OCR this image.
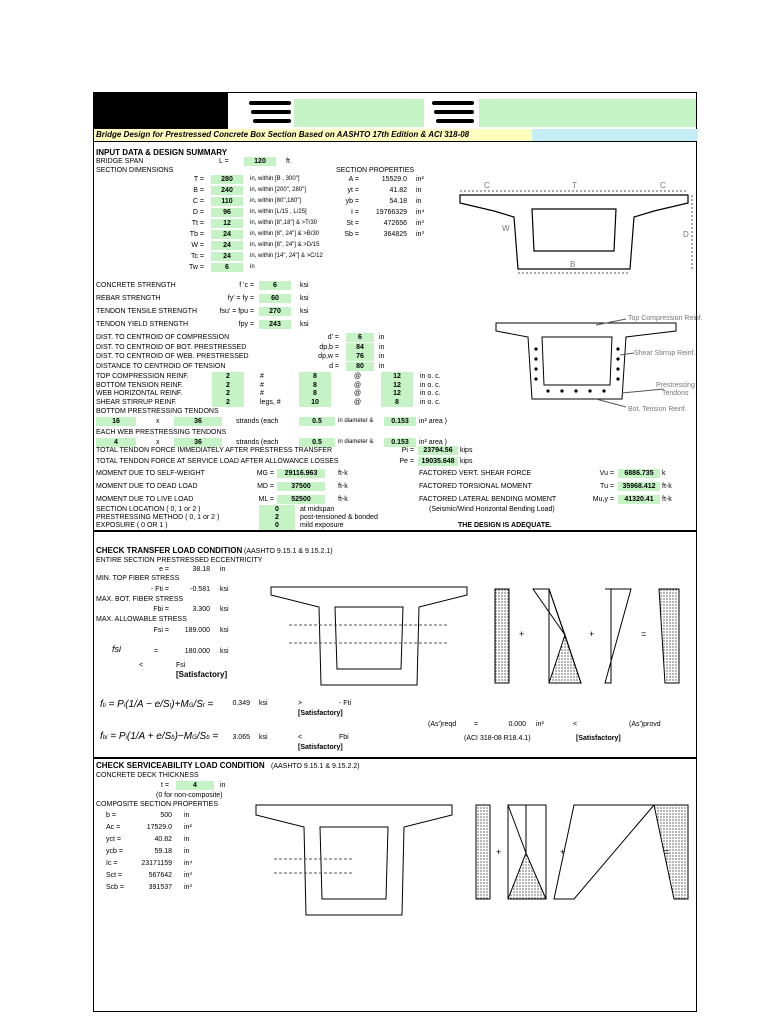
Bridge Design for Prestressed Concrete Box Section Based on AASHTO 17th Edition & ACI 318-08
INPUT DATA & DESIGN SUMMARY
BRIDGE SPAN	L =	120	ft
SECTION DIMENSIONS
T =	280	in, within [B , 300"]
B =	240	in, within [200", 280"]
C =	110	in, within [80",180"]
D =	96	in, within [L/15 , L/25]
Tt =	12	in, within [8",18"] & >T/30
Tb =	24	in, within [8", 24"] & >B/30
W =	24	in, within [8", 24"] & >D/15
Tc =	24	in, within [14", 24"] & >C/12
Tw =	6	in
SECTION PROPERTIES
A =	15529.0 in²
yt =	41.82 in
yb =	54.18 in
I =	19766329 in⁴
St =	472656 in³
Sb =	364825 in³
CONCRETE STRENGTH	f 'c =	6	ksi
REBAR STRENGTH	fy' = fy =	60	ksi
TENDON TENSILE STRENGTH	fsu' = fpu =	270	ksi
TENDON YIELD STRENGTH	fpy =	243	ksi
DIST. TO CENTROID OF COMPRESSION	d' =	6	in
DIST. TO CENTROID OF BOT. PRESTRESSED	dp,b =	84	in
DIST. TO CENTROID OF WEB. PRESTRESSED	dp,w =	76	in
DISTANCE TO CENTROID OF TENSION	d =	80	in
TOP COMPRESSION REINF.	2	#	8	@	12	in o. c.
BOTTOM TENSION REINF.	2	#	8	@	12	in o. c.
WEB HORIZONTAL REINF.	2	#	8	@	12	in o. c.
SHEAR STIRRUP REINF.	2	legs, #	10	@	8	in o. c.
BOTTOM PRESTRESSING TENDONS
16	x	36	strands (each	0.5	in diameter &	0.153	in² area )
EACH WEB PRESTRESSING TENDONS
4	x	36	strands (each	0.5	in diameter &	0.153	in² area )
TOTAL TENDON FORCE IMMEDIATELY AFTER PRESTRESS TRANSFER	Pi =	23794.56	kips
TOTAL TENDON FORCE AT SERVICE LOAD AFTER ALLOWANCE LOSSES	Pe =	19035.648 kips
MOMENT DUE TO SELF-WEIGHT	MG =	29116.963	ft-k	FACTORED VERT. SHEAR FORCE	Vu =	6886.735	k
MOMENT DUE TO DEAD LOAD	MD =	37500	ft-k	FACTORED TORSIONAL MOMENT	Tu =	35968.412 ft-k
MOMENT DUE TO LIVE LOAD	ML =	52500	ft-k	FACTORED LATERAL BENDING MOMENT	Mu,y =	41320.41	ft-k
SECTION LOCATION ( 0, 1 or 2 )	0	at midspan	(Seismic/Wind Horizontal Bending Load)
PRESTRESSING METHOD ( 0, 1 or 2 )	2	post-tensioned & bonded
EXPOSURE ( 0 OR 1 )	0	mild exposure	THE DESIGN IS ADEQUATE.
CHECK TRANSFER LOAD CONDITION (AASHTO 9.15.1 & 9.15.2.1)
ENTIRE SECTION PRESTRESSED ECCENTRICITY
e =	38.18 in
MIN. TOP FIBER STRESS
- Fti =	-0.581 ksi
MAX. BOT. FIBER STRESS
Fbi =	3.300 ksi
MAX. ALLOWABLE STRESS
Fsi =	189.000 ksi
fsi	=	180.000 ksi
<	Fsi
[Satisfactory]
0.349 ksi	>	- Fti
[Satisfactory]
3.065 ksi	<	Fbi
[Satisfactory]
(As')reqd	=	0.000 in²	<	(As')provd
(ACI 318-08 R18.4.1)	[Satisfactory]
fti = Pi(1/A − e/St)+MG/St =
fbi = Pi(1/A + e/Sb)−MG/Sb =
CHECK SERVICEABILITY LOAD CONDITION (AASHTO 9.15.1 & 9.15.2.2)
CONCRETE DECK THICKNESS
t =	4	in
(0 for non-composite)
COMPOSITE SECTION PROPERTIES
b =	500 in
Ac =	17529.0 in²
yct =	40.82 in
ycb =	59.18 in
Ic =	23171159 in⁴
Sct =	567642 in³
Scb =	391537 in³
C	T	C
D
W
B
Top Compression Reinf.
Shear Stirrup Reinf.
Prestressing
Tendons
Bot. Tension Reinf.
+	+	=
+	+	=
